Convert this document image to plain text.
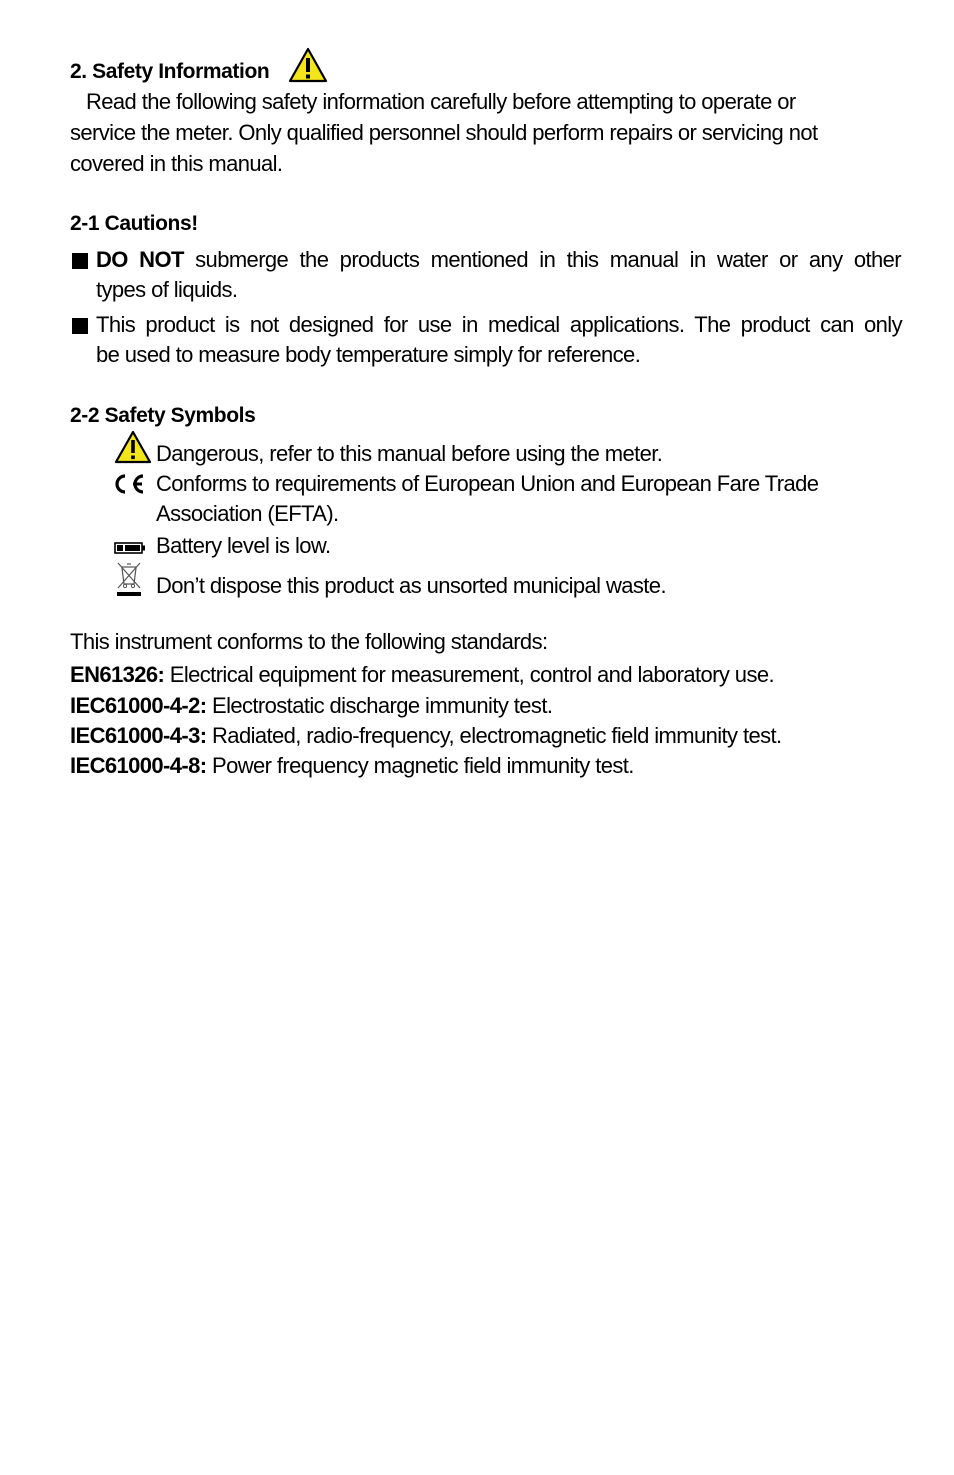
2. Safety Information
Read the following safety information carefully before attempting to operate or
service the meter. Only qualified personnel should perform repairs or servicing not
covered in this manual.
2-1 Cautions!
DO NOT submerge the products mentioned in this manual in water or any other
types of liquids.
This product is not designed for use in medical applications. The product can only
be used to measure body temperature simply for reference.
2-2 Safety Symbols
Dangerous, refer to this manual before using the meter.
Conforms to requirements of European Union and European Fare Trade
Association (EFTA).
Battery level is low.
Don’t dispose this product as unsorted municipal waste.
This instrument conforms to the following standards:
EN61326: Electrical equipment for measurement, control and laboratory use.
IEC61000-4-2: Electrostatic discharge immunity test.
IEC61000-4-3: Radiated, radio-frequency, electromagnetic field immunity test.
IEC61000-4-8: Power frequency magnetic field immunity test.
